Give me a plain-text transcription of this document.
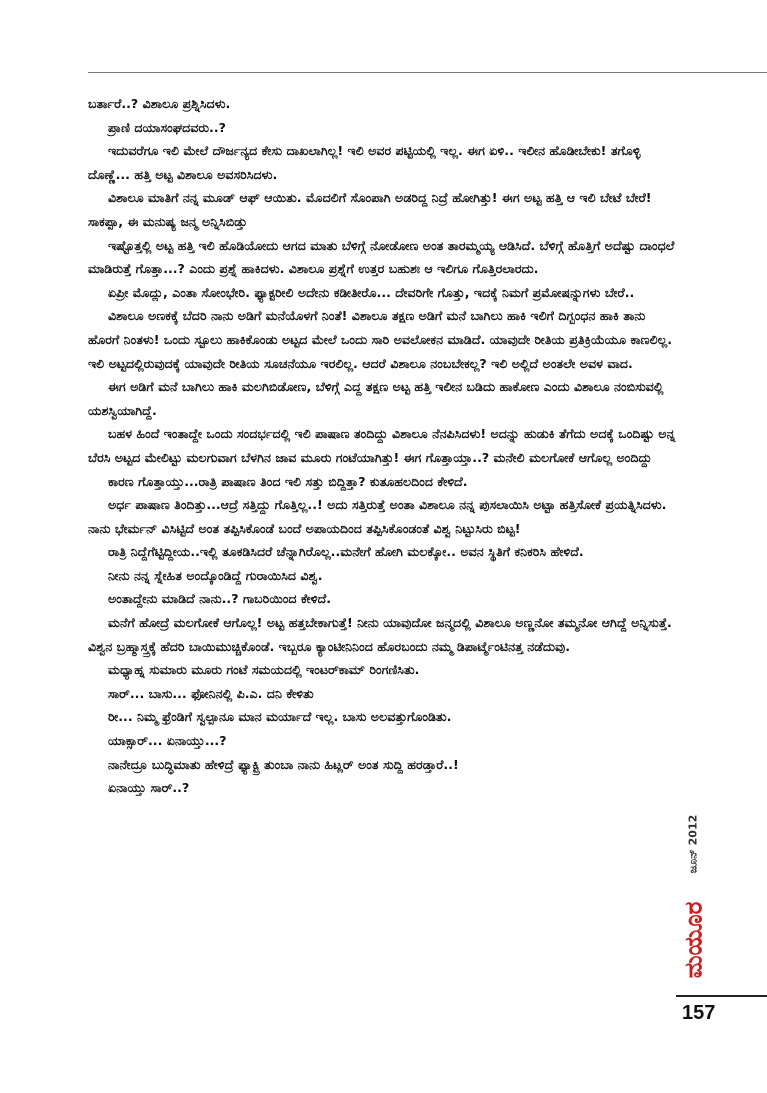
ಬರ್ತಾರೆ..? ವಿಶಾಲೂ ಪ್ರಶ್ನಿಸಿದಳು.

ಪ್ರಾಣಿ ದಯಾಸಂಘದವರು..?

ಇದುವರೆಗೂ ಇಲಿ ಮೇಲೆ ದೌರ್ಜನ್ಯದ ಕೇಸು ದಾಖಲಾಗಿಲ್ಲ! ಇಲಿ ಅವರ ಪಟ್ಟಿಯಲ್ಲಿ ಇಲ್ಲ. ಈಗ ಏಳಿ.. ಇಲೀನ ಹೊಡೀಬೇಕು! ತಗೊಳ್ಳಿ ದೊಣ್ಣೆ... ಹತ್ತಿ ಅಟ್ಟ ವಿಶಾಲೂ ಅವಸರಿಸಿದಳು.

ವಿಶಾಲೂ ಮಾತಿಗೆ ನನ್ನ ಮೂಡ್ ಆಫ್ ಆಯಿತು. ಮೊದಲಿಗೆ ಸೊಂಪಾಗಿ ಅಡರಿದ್ದ ನಿದ್ರೆ ಹೋಗಿತ್ತು! ಈಗ ಅಟ್ಟ ಹತ್ತಿ ಆ ಇಲಿ ಬೇಟೆ ಬೇರೆ! ಸಾಕಪ್ಪಾ, ಈ ಮನುಷ್ಯ ಜನ್ಮ ಅನ್ನಿಸಿಬಿಡ್ತು

ಇಷ್ಟೊತ್ತಲ್ಲಿ ಅಟ್ಟ ಹತ್ತಿ ಇಲಿ ಹೊಡಿಯೋದು ಆಗದ ಮಾತು ಬೆಳಿಗ್ಗೆ ನೋಡೋಣ ಅಂತ ತಾರಮ್ಮಯ್ಯ ಆಡಿಸಿದೆ. ಬೆಳಿಗ್ಗೆ ಹೊತ್ತಿಗೆ ಅದೆಷ್ಟು ದಾಂಧಲೆ ಮಾಡಿರುತ್ತೆ ಗೊತ್ತಾ...? ಎಂದು ಪ್ರಶ್ನೆ ಹಾಕಿದಳು. ವಿಶಾಲೂ ಪ್ರಶ್ನೆಗೆ ಉತ್ತರ ಬಹುಶಃ ಆ ಇಲಿಗೂ ಗೊತ್ತಿರಲಾರದು.

ಏಪ್ರೀ ಮೊದ್ಲು, ಎಂತಾ ಸೋಂಭೇರಿ. ಫ್ಯಾಕ್ಟರೀಲಿ ಅದೇನು ಕಡೀತೀರೊ... ದೇವರಿಗೇ ಗೊತ್ತು, ಇದಕ್ಕೆ ನಿಮಗೆ ಪ್ರಮೋಷನ್ನುಗಳು ಬೇರೆ..

ವಿಶಾಲೂ ಅಣಕಕ್ಕೆ ಬೆದರಿ ನಾನು ಅಡಿಗೆ ಮನೆಯೊಳಗೆ ನಿಂತೆ! ವಿಶಾಲೂ ತಕ್ಷಣ ಅಡಿಗೆ ಮನೆ ಬಾಗಿಲು ಹಾಕಿ ಇಲಿಗೆ ದಿಗ್ಬಂಧನ ಹಾಕಿ ತಾನು ಹೊರಗೆ ನಿಂತಳು! ಒಂದು ಸ್ಟೂಲು ಹಾಕಿಕೊಂಡು ಅಟ್ಟದ ಮೇಲೆ ಒಂದು ಸಾರಿ ಅವಲೋಕನ ಮಾಡಿದೆ. ಯಾವುದೇ ರೀತಿಯ ಪ್ರತಿಕ್ರಿಯೆಯೂ ಕಾಣಲಿಲ್ಲ. ಇಲಿ ಅಟ್ಟದಲ್ಲಿರುವುದಕ್ಕೆ ಯಾವುದೇ ರೀತಿಯ ಸೂಚನೆಯೂ ಇರಲಿಲ್ಲ. ಆದರೆ ವಿಶಾಲೂ ನಂಬಬೇಕಲ್ಲ? ಇಲಿ ಅಲ್ಲಿದೆ ಅಂತಲೇ ಅವಳ ವಾದ.

ಈಗ ಅಡಿಗೆ ಮನೆ ಬಾಗಿಲು ಹಾಕಿ ಮಲಗಿಬಿಡೋಣ, ಬೆಳಿಗ್ಗೆ ಎದ್ದ ತಕ್ಷಣ ಅಟ್ಟ ಹತ್ತಿ ಇಲೀನ ಬಡಿದು ಹಾಕೋಣ ಎಂದು ವಿಶಾಲೂ ನಂಬಿಸುವಲ್ಲಿ ಯಶಸ್ವಿಯಾಗಿದ್ದೆ.

ಬಹಳ ಹಿಂದೆ ಇಂತಾದ್ದೇ ಒಂದು ಸಂದರ್ಭದಲ್ಲಿ ಇಲಿ ಪಾಷಾಣ ತಂದಿದ್ದು ವಿಶಾಲೂ ನೆನಪಿಸಿದಳು! ಅದನ್ನು ಹುಡುಕಿ ತೆಗೆದು ಅದಕ್ಕೆ ಒಂದಿಷ್ಟು ಅನ್ನ ಬೆರಸಿ ಅಟ್ಟದ ಮೇಲಿಟ್ಟು ಮಲಗುವಾಗ ಬೆಳಗಿನ ಜಾವ ಮೂರು ಗಂಟೆಯಾಗಿತ್ತು! ಈಗ ಗೊತ್ತಾಯ್ತಾ..? ಮನೇಲಿ ಮಲಗೋಕೆ ಆಗೊಲ್ಲ ಅಂದಿದ್ದು

ಕಾರಣ ಗೊತ್ತಾಯ್ತು...ರಾತ್ರಿ ಪಾಷಾಣ ತಿಂದ ಇಲಿ ಸತ್ತು ಬಿದ್ದಿತ್ತಾ? ಕುತೂಹಲದಿಂದ ಕೇಳಿದೆ.

ಅರ್ಧ ಪಾಷಾಣ ತಿಂದಿತ್ತು...ಆದ್ರೆ ಸತ್ತಿದ್ದು ಗೊತ್ತಿಲ್ಲ..! ಅದು ಸತ್ತಿರುತ್ತೆ ಅಂತಾ ವಿಶಾಲೂ ನನ್ನ ಪುಸಲಾಯಿಸಿ ಅಟ್ಟಾ ಹತ್ತಿಸೋಕೆ ಪ್ರಯತ್ನಿಸಿದಳು. ನಾನು ಭೇರ್ಮನ್ ವಿಸಿಟ್ಟಿದೆ ಅಂತ ತಪ್ಪಿಸಿಕೊಂಡೆ ಬಂದೆ ಅಪಾಯದಿಂದ ತಪ್ಪಿಸಿಕೊಂಡಂತೆ ವಿಶ್ವ ನಿಟ್ಟುಸಿರು ಬಿಟ್ಟ!

ರಾತ್ರಿ ನಿದ್ದೆಗೆಟ್ಟಿದ್ದೀಯ..ಇಲ್ಲಿ ತೂಕಡಿಸಿದರೆ ಚೆನ್ನಾಗಿರೊಲ್ಲ..ಮನೇಗೆ ಹೋಗಿ ಮಲಕ್ಕೋ.. ಅವನ ಸ್ಥಿತಿಗೆ ಕನಿಕರಿಸಿ ಹೇಳಿದೆ.

ನೀನು ನನ್ನ ಸ್ನೇಹಿತ ಅಂದ್ಕೊಂಡಿದ್ದೆ ಗುರಾಯಿಸಿದ ವಿಶ್ವ.

ಅಂತಾದ್ದೇನು ಮಾಡಿದೆ ನಾನು..? ಗಾಬರಿಯಿಂದ ಕೇಳಿದೆ.

ಮನೆಗೆ ಹೋದ್ರೆ ಮಲಗೋಕೆ ಆಗೊಲ್ಲ! ಅಟ್ಟ ಹತ್ತಬೇಕಾಗುತ್ತೆ! ನೀನು ಯಾವುದೋ ಜನ್ಮದಲ್ಲಿ ವಿಶಾಲೂ ಅಣ್ಣನೋ ತಮ್ಮನೋ ಆಗಿದ್ದೆ ಅನ್ನಿಸುತ್ತೆ. ವಿಶ್ವನ ಬ್ರಹ್ಮಾಸ್ತ್ರಕ್ಕೆ ಹೆದರಿ ಬಾಯಿಮುಚ್ಚಿಕೊಂಡೆ. ಇಬ್ಬರೂ ಕ್ಯಾಂಟೀನಿನಿಂದ ಹೊರಬಂದು ನಮ್ಮ ಡಿಪಾರ್ಟ್ಮೆಂಟಿನತ್ತ ನಡೆದುವು.

ಮಧ್ಯಾಹ್ನ ಸುಮಾರು ಮೂರು ಗಂಟೆ ಸಮಯದಲ್ಲಿ ಇಂಟರ್‌ಕಾಮ್ ರಿಂಗಣಿಸಿತು.

ಸಾರ್... ಬಾಸು... ಫೋನಿನಲ್ಲಿ ಪಿ.ಎ. ದನಿ ಕೇಳಿತು

ರೀ... ನಿಮ್ಮ ಫ್ರೆಂಡಿಗೆ ಸ್ವಲ್ಪಾನೂ ಮಾನ ಮರ್ಯಾದೆ ಇಲ್ಲ. ಬಾಸು ಅಲವತ್ತುಗೊಂಡಿತು.

ಯಾಕ್ಸಾರ್... ಏನಾಯ್ತು...?

ನಾನೇದ್ರೂ ಬುದ್ಧಿಮಾತು ಹೇಳಿದ್ರೆ ಫ್ಯಾಕ್ಟ್ರಿ ತುಂಬಾ ನಾನು ಹಿಟ್ಲರ್ ಅಂತ ಸುದ್ದಿ ಹರಡ್ತಾರೆ..!

ಏನಾಯ್ತು ಸಾರ್..?

ಜೂನ್ 2012
ಮಯೂರ
157
